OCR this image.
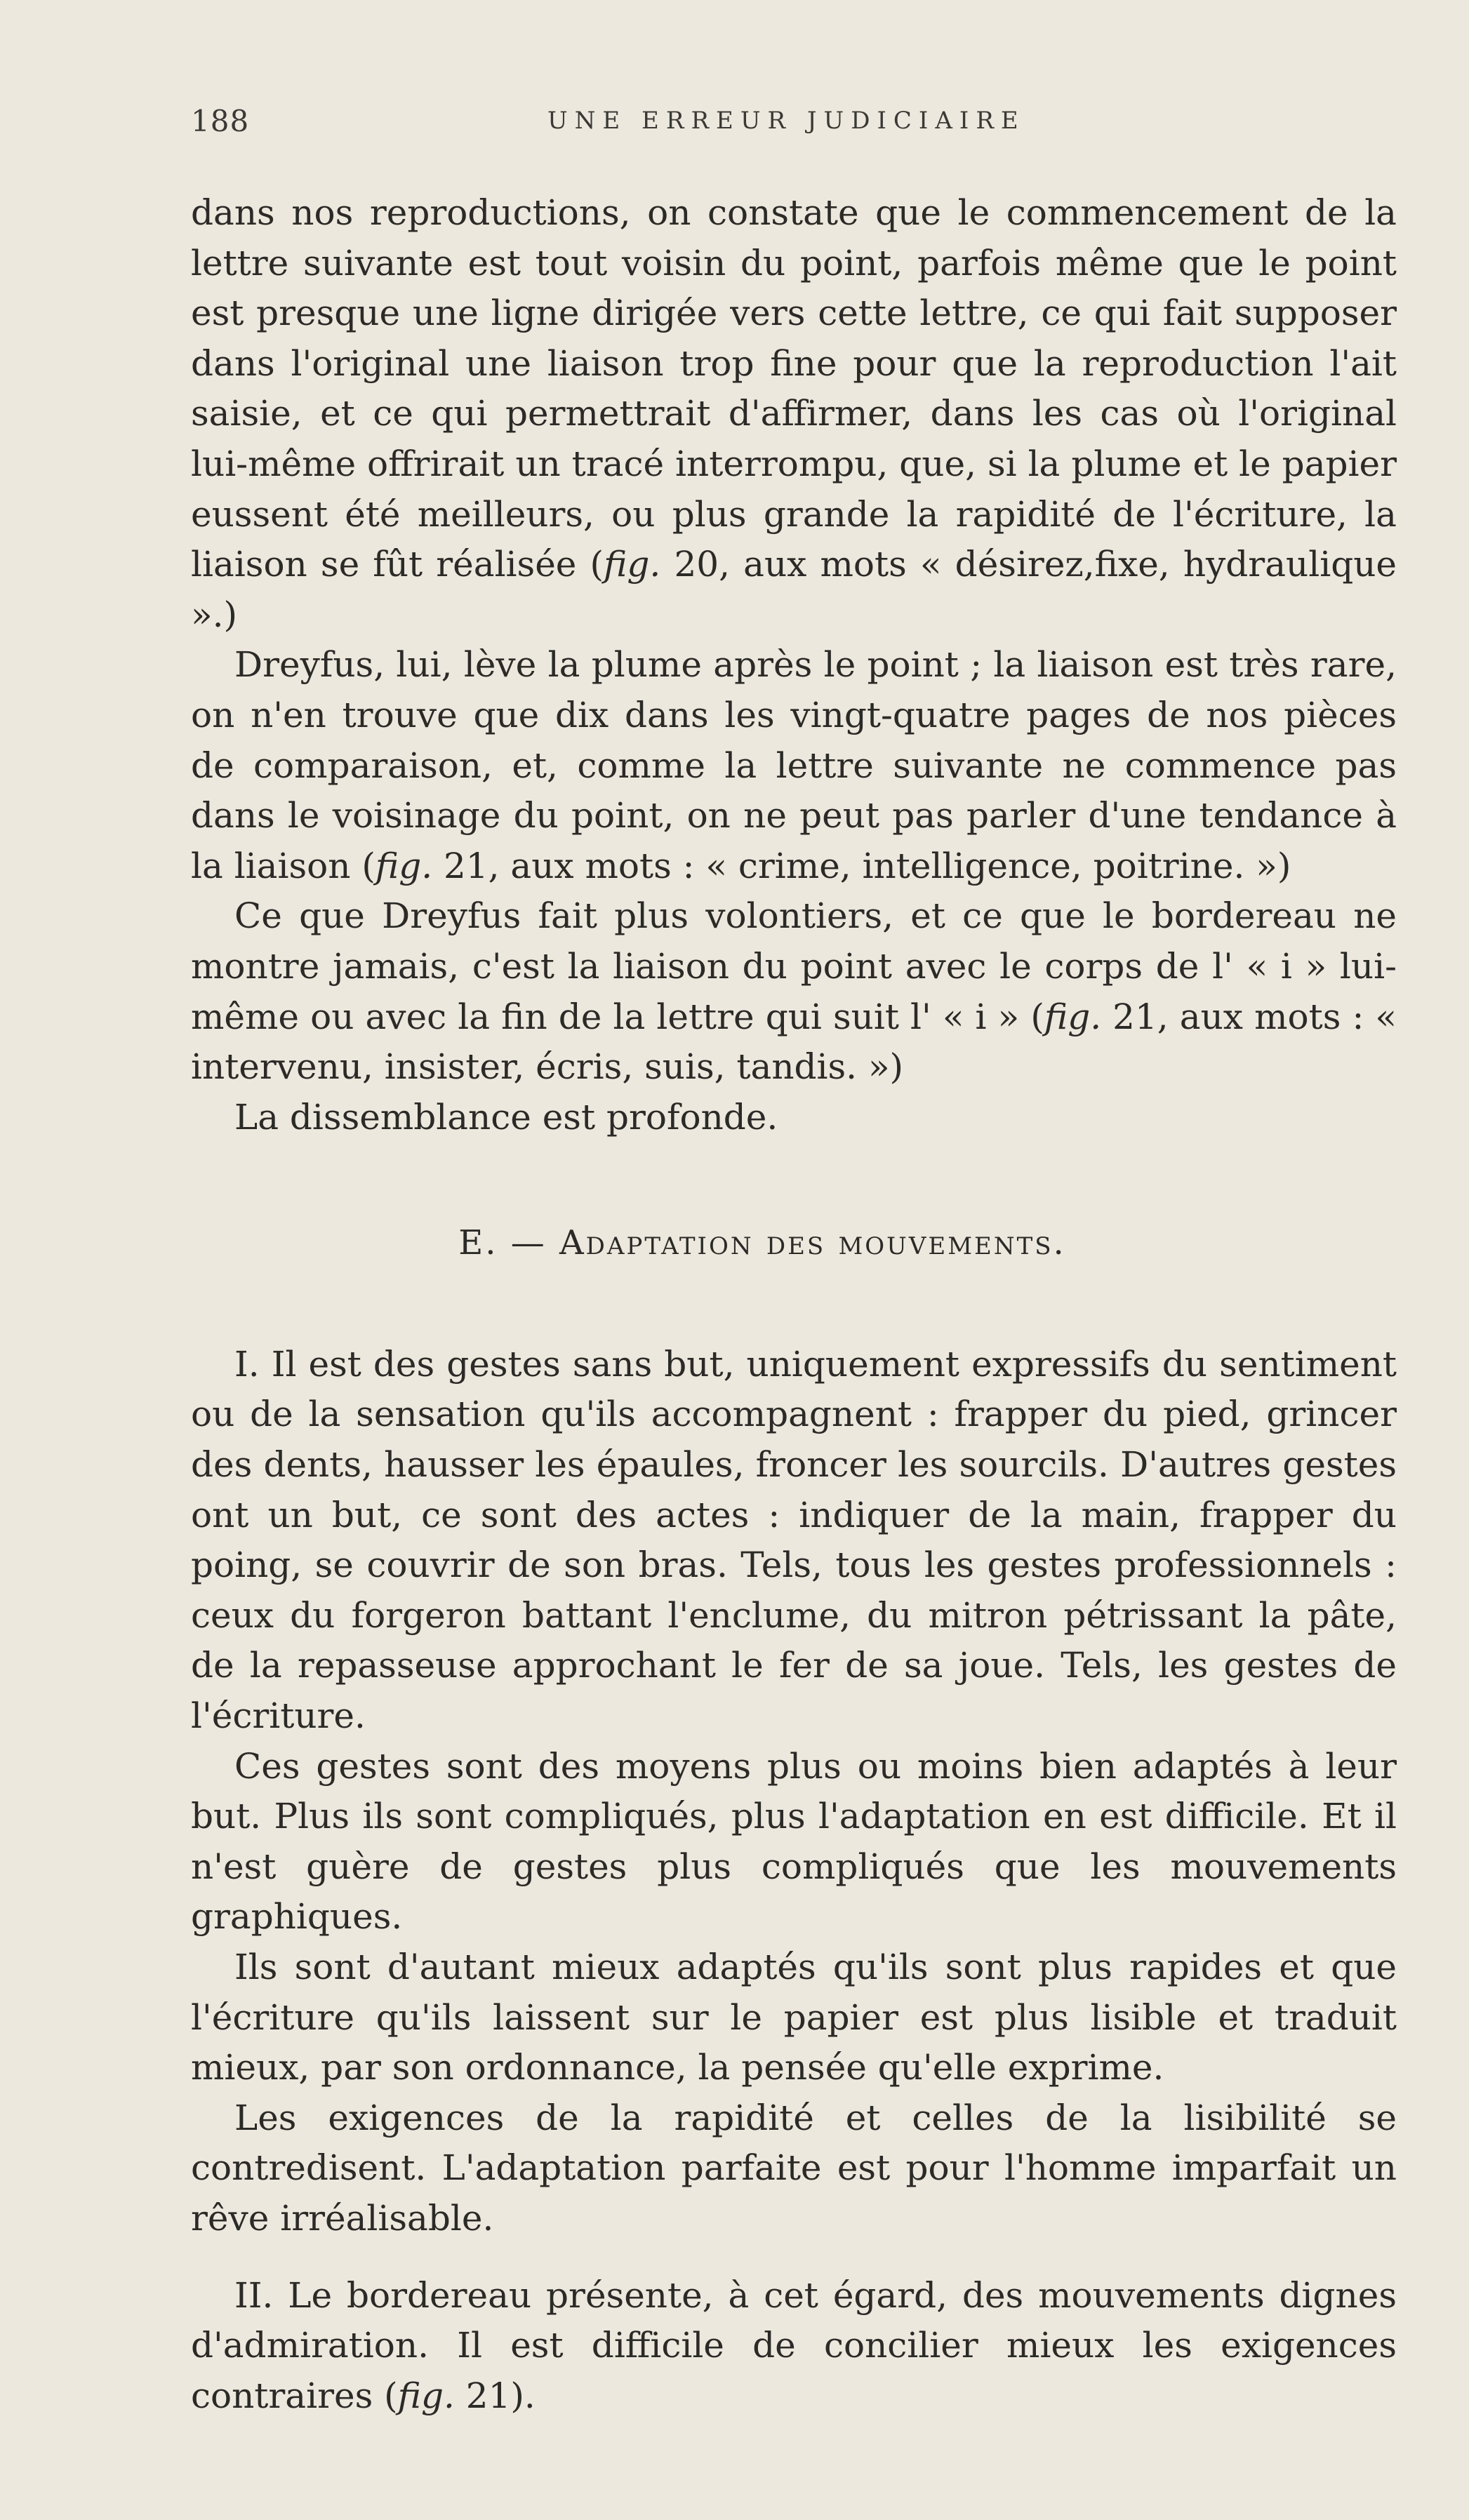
188	UNE ERREUR JUDICIAIRE

dans nos reproductions, on constate que le commencement de la lettre suivante est tout voisin du point, parfois même que le point est presque une ligne dirigée vers cette lettre, ce qui fait supposer dans l'original une liaison trop fine pour que la reproduction l'ait saisie, et ce qui permettrait d'affirmer, dans les cas où l'original lui-même offrirait un tracé interrompu, que, si la plume et le papier eussent été meilleurs, ou plus grande la rapidité de l'écriture, la liaison se fût réalisée (fig. 20, aux mots « désirez,fixe, hydraulique ».)

Dreyfus, lui, lève la plume après le point ; la liaison est très rare, on n'en trouve que dix dans les vingt-quatre pages de nos pièces de comparaison, et, comme la lettre suivante ne commence pas dans le voisinage du point, on ne peut pas parler d'une tendance à la liaison (fig. 21, aux mots : « crime, intelligence, poitrine. »)

Ce que Dreyfus fait plus volontiers, et ce que le bordereau ne montre jamais, c'est la liaison du point avec le corps de l' « i » lui-même ou avec la fin de la lettre qui suit l' « i » (fig. 21, aux mots : « intervenu, insister, écris, suis, tandis. »)

La dissemblance est profonde.

E. — Adaptation des mouvements.

I. Il est des gestes sans but, uniquement expressifs du sentiment ou de la sensation qu'ils accompagnent : frapper du pied, grincer des dents, hausser les épaules, froncer les sourcils. D'autres gestes ont un but, ce sont des actes : indiquer de la main, frapper du poing, se couvrir de son bras. Tels, tous les gestes professionnels : ceux du forgeron battant l'enclume, du mitron pétrissant la pâte, de la repasseuse approchant le fer de sa joue. Tels, les gestes de l'écriture.

Ces gestes sont des moyens plus ou moins bien adaptés à leur but. Plus ils sont compliqués, plus l'adaptation en est difficile. Et il n'est guère de gestes plus compliqués que les mouvements graphiques.

Ils sont d'autant mieux adaptés qu'ils sont plus rapides et que l'écriture qu'ils laissent sur le papier est plus lisible et traduit mieux, par son ordonnance, la pensée qu'elle exprime.

Les exigences de la rapidité et celles de la lisibilité se contredisent. L'adaptation parfaite est pour l'homme imparfait un rêve irréalisable.

II. Le bordereau présente, à cet égard, des mouvements dignes d'admiration. Il est difficile de concilier mieux les exigences contraires (fig. 21).
